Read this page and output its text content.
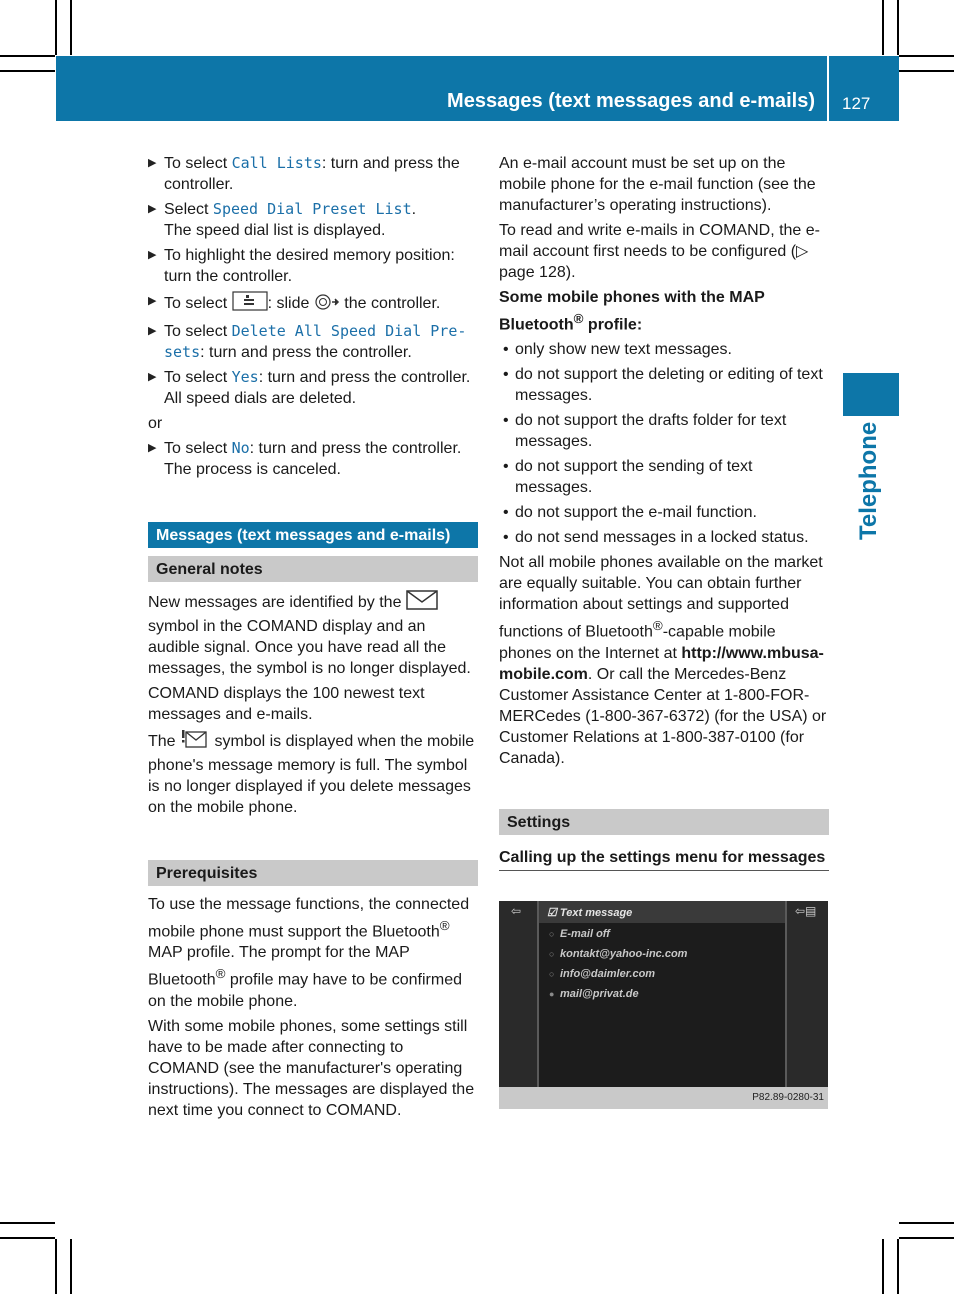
Messages (text messages and e-mails) 127
Telephone
▶ To select Call Lists: turn and press the controller.
▶ Select Speed Dial Preset List.
The speed dial list is displayed.
▶ To highlight the desired memory position: turn the controller.
▶ To select : slide  the controller.
▶ To select Delete All Speed Dial Pre-
sets: turn and press the controller.
▶ To select Yes: turn and press the controller.
All speed dials are deleted.
or
▶ To select No: turn and press the controller.
The process is canceled.
Messages (text messages and e-mails)
General notes
New messages are identified by the  symbol in the COMAND display and an audible signal. Once you have read all the messages, the symbol is no longer displayed.
COMAND displays the 100 newest text messages and e-mails.
The symbol is displayed when the mobile phone's message memory is full. The symbol is no longer displayed if you delete messages on the mobile phone.
Prerequisites
To use the message functions, the connected mobile phone must support the Bluetooth® MAP profile. The prompt for the MAP Bluetooth® profile may have to be confirmed on the mobile phone.
With some mobile phones, some settings still have to be made after connecting to COMAND (see the manufacturer's operating instructions). The messages are displayed the next time you connect to COMAND.
An e-mail account must be set up on the mobile phone for the e-mail function (see the manufacturer’s operating instructions).
To read and write e-mails in COMAND, the e-mail account first needs to be configured (▷ page 128).
Some mobile phones with the MAP Bluetooth® profile:
• only show new text messages.
• do not support the deleting or editing of text messages.
• do not support the drafts folder for text messages.
• do not support the sending of text messages.
• do not support the e-mail function.
• do not send messages in a locked status.
Not all mobile phones available on the market are equally suitable. You can obtain further information about settings and supported functions of Bluetooth®-capable mobile phones on the Internet at http://www.mbusa-mobile.com. Or call the Mercedes-Benz Customer Assistance Center at 1-800-FOR-MERCedes (1-800-367-6372) (for the USA) or Customer Relations at 1-800-387-0100 (for Canada).
Settings
Calling up the settings menu for messages
⇦	⇦▤
☑ Text message
○ E-mail off
○ kontakt@yahoo-inc.com
○ info@daimler.com
● mail@privat.de
P82.89-0280-31
